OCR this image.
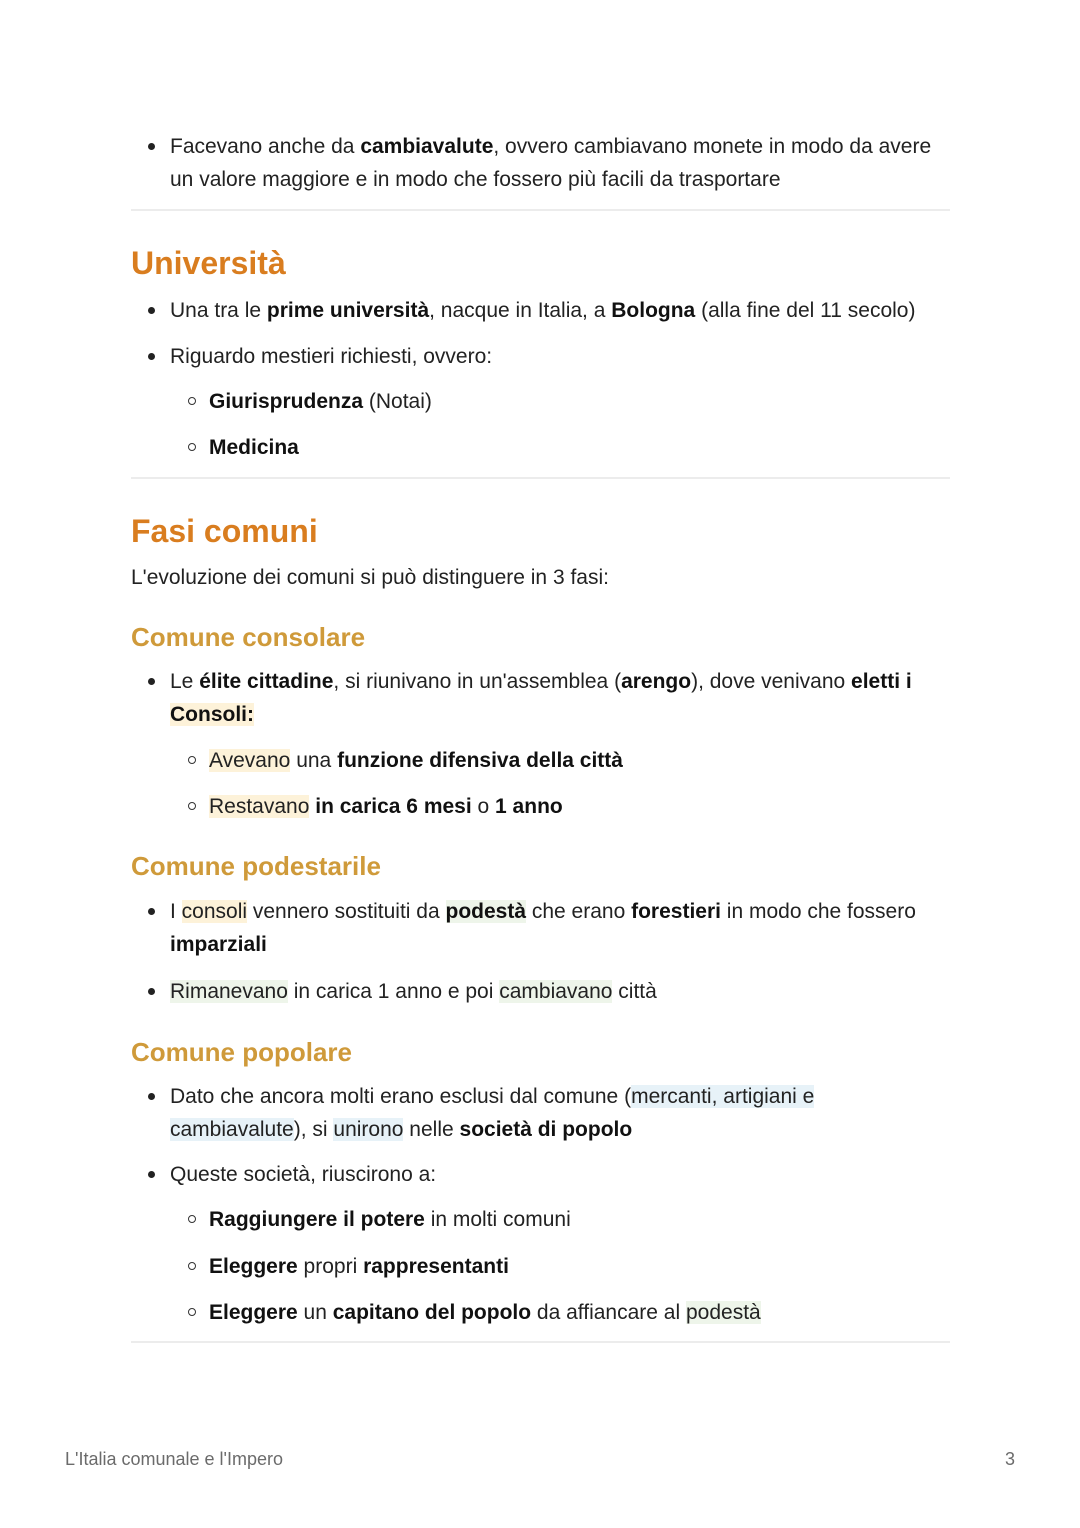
Facevano anche da cambiavalute, ovvero cambiavano monete in modo da avere un valore maggiore e in modo che fossero più facili da trasportare
Università
Una tra le prime università, nacque in Italia, a Bologna (alla fine del 11 secolo)
Riguardo mestieri richiesti, ovvero:
Giurisprudenza (Notai)
Medicina
Fasi comuni
L'evoluzione dei comuni si può distinguere in 3 fasi:
Comune consolare
Le élite cittadine, si riunivano in un'assemblea (arengo), dove venivano eletti i
Consoli:
Avevano una funzione difensiva della città
Restavano in carica 6 mesi o 1 anno
Comune podestarile
I consoli vennero sostituiti da podestà che erano forestieri in modo che fossero
imparziali
Rimanevano in carica 1 anno e poi cambiavano città
Comune popolare
Dato che ancora molti erano esclusi dal comune (mercanti, artigiani e cambiavalute), si unirono nelle società di popolo
Queste società, riuscirono a:
Raggiungere il potere in molti comuni
Eleggere propri rappresentanti
Eleggere un capitano del popolo da affiancare al podestà
L'Italia comunale e l'Impero	3
